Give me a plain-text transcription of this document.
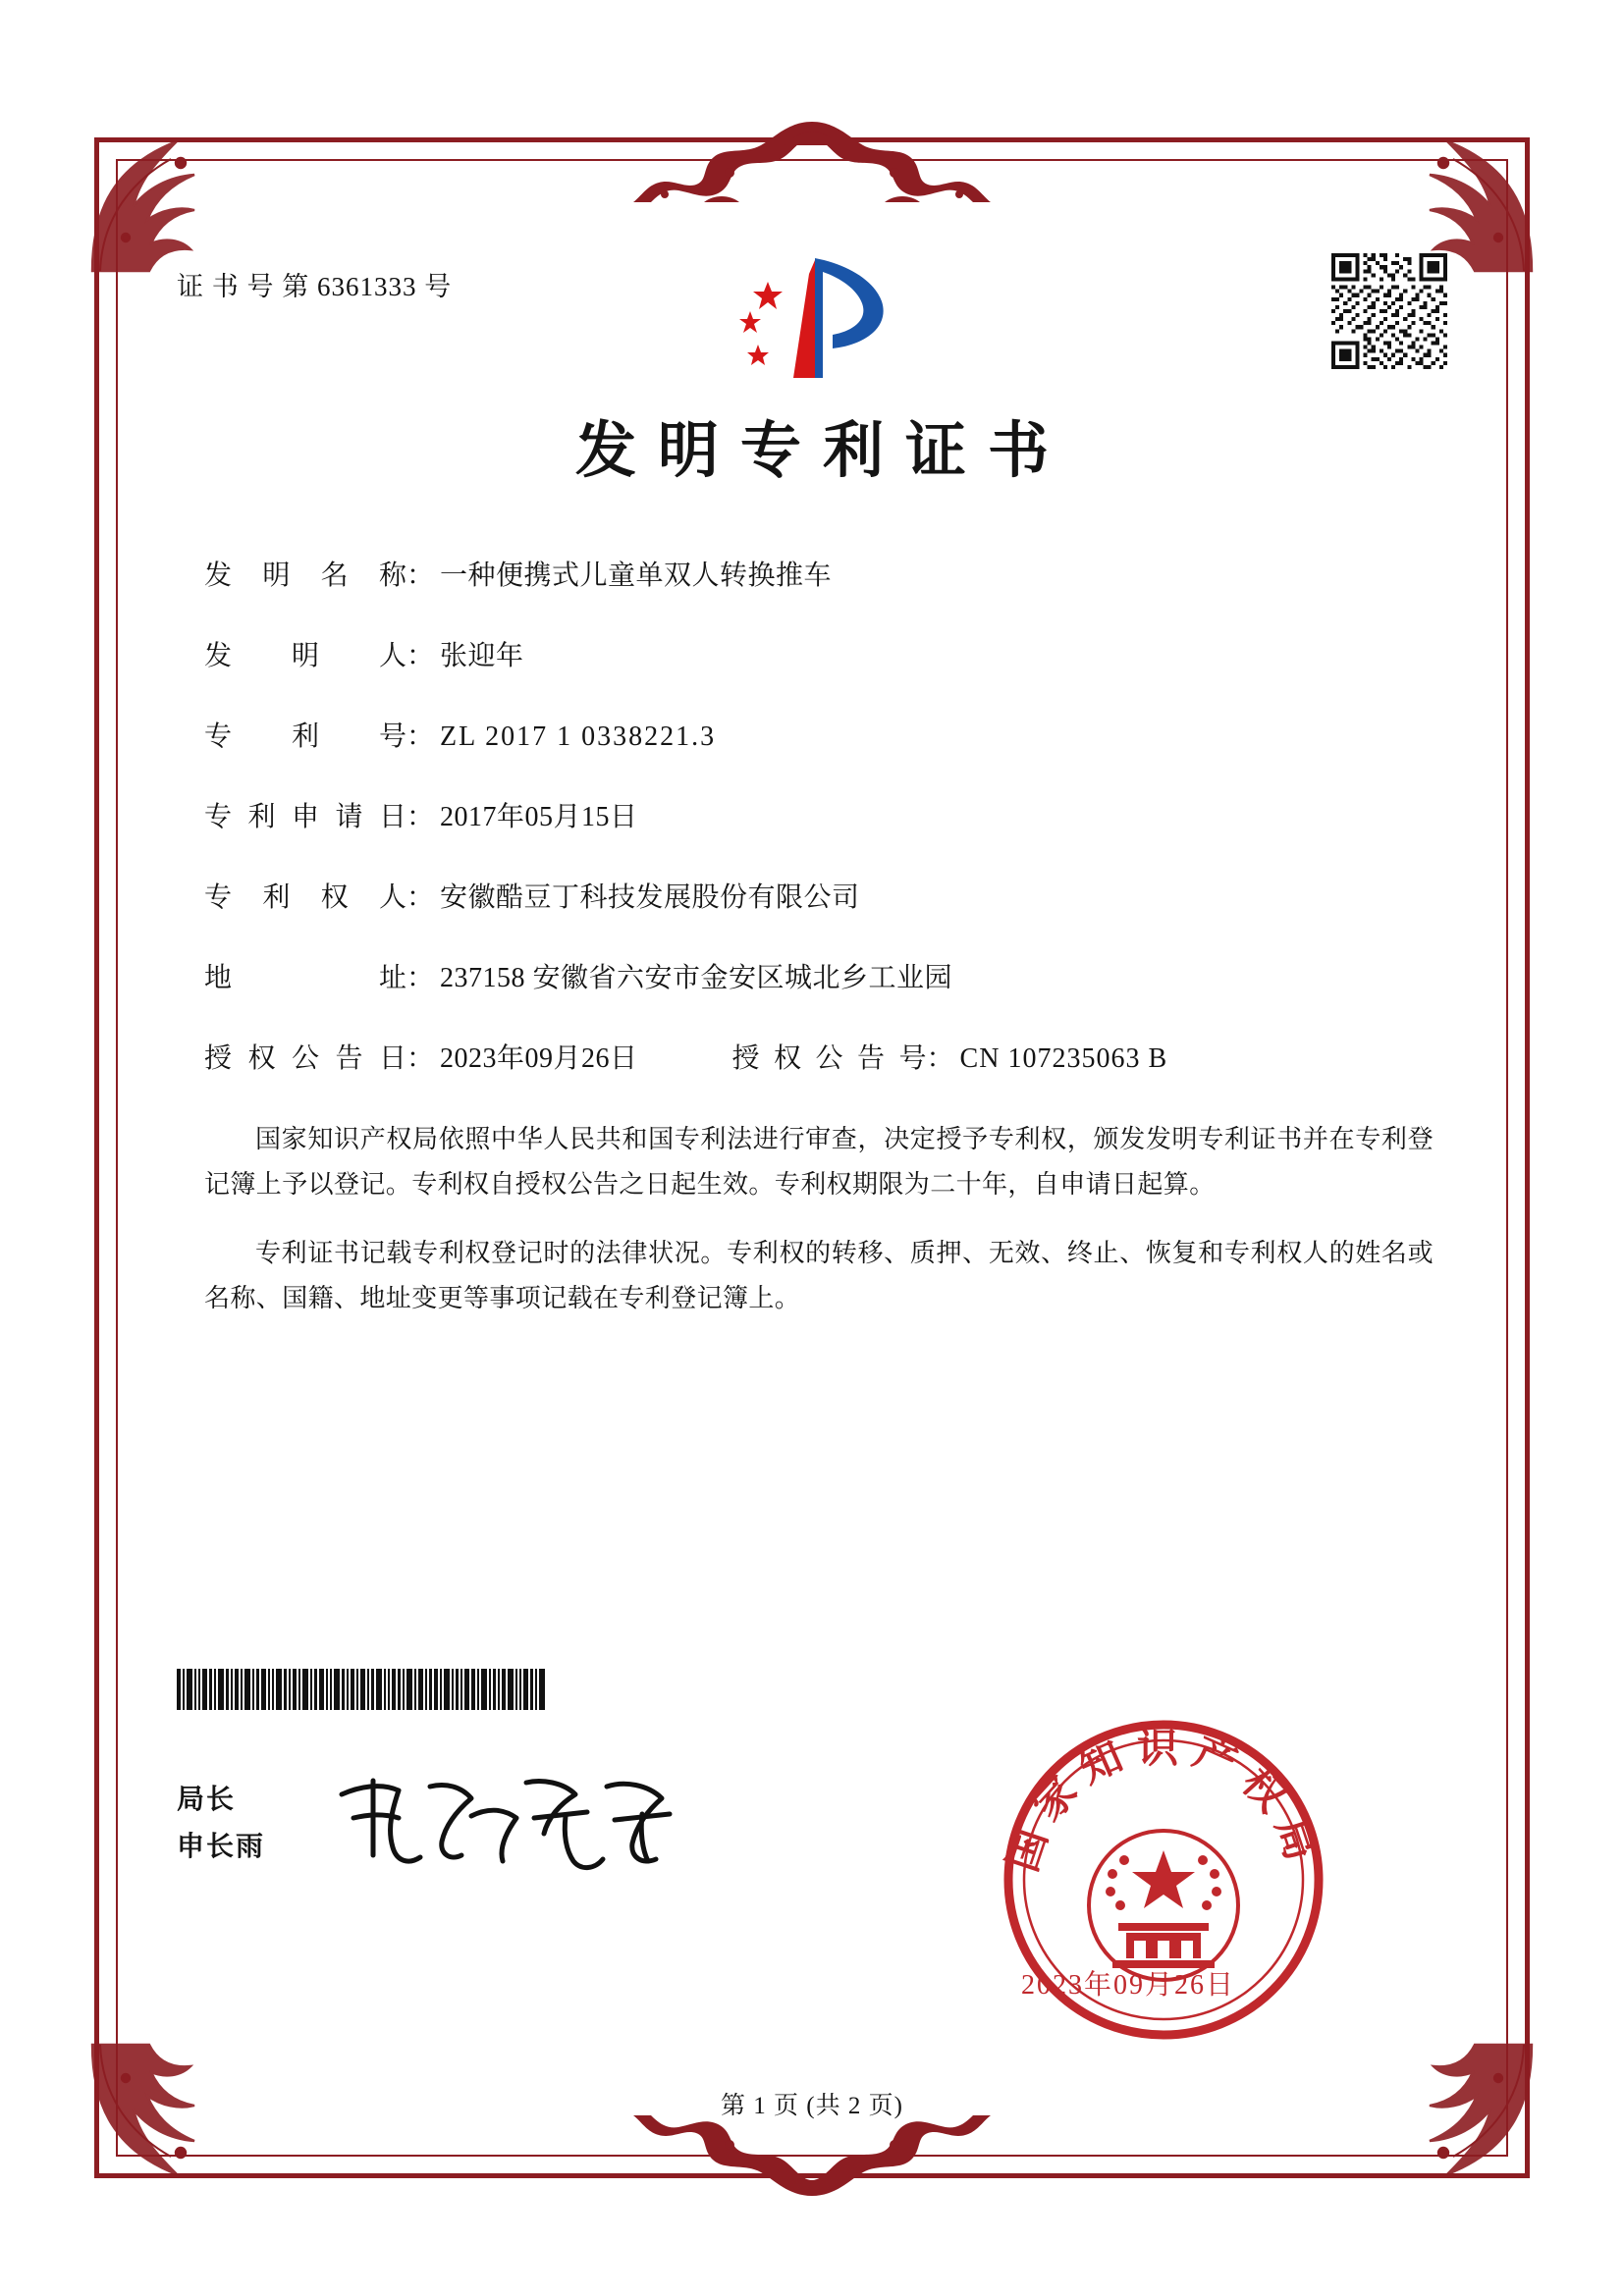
证 书 号 第 6361333 号
发明专利证书
发 明 名 称 ： 一种便携式儿童单双人转换推车
发 明 人 ： 张迎年
专 利 号 ： ZL 2017 1 0338221.3
专 利 申 请 日 ： 2017年05月15日
专 利 权 人 ： 安徽酷豆丁科技发展股份有限公司
地	址 ： 237158 安徽省六安市金安区城北乡工业园
授 权 公 告 日 ： 2023年09月26日	授 权 公 告 号 ： CN 107235063 B
国家知识产权局依照中华人民共和国专利法进行审查，决定授予专利权，颁发发明专利证书并在专利登记簿上予以登记。专利权自授权公告之日起生效。专利权期限为二十年，自申请日起算。
专利证书记载专利权登记时的法律状况。专利权的转移、质押、无效、终止、恢复和专利权人的姓名或名称、国籍、地址变更等事项记载在专利登记簿上。
局长
申长雨	国家知识产权局
2023年09月26日
第 1 页 (共 2 页)
